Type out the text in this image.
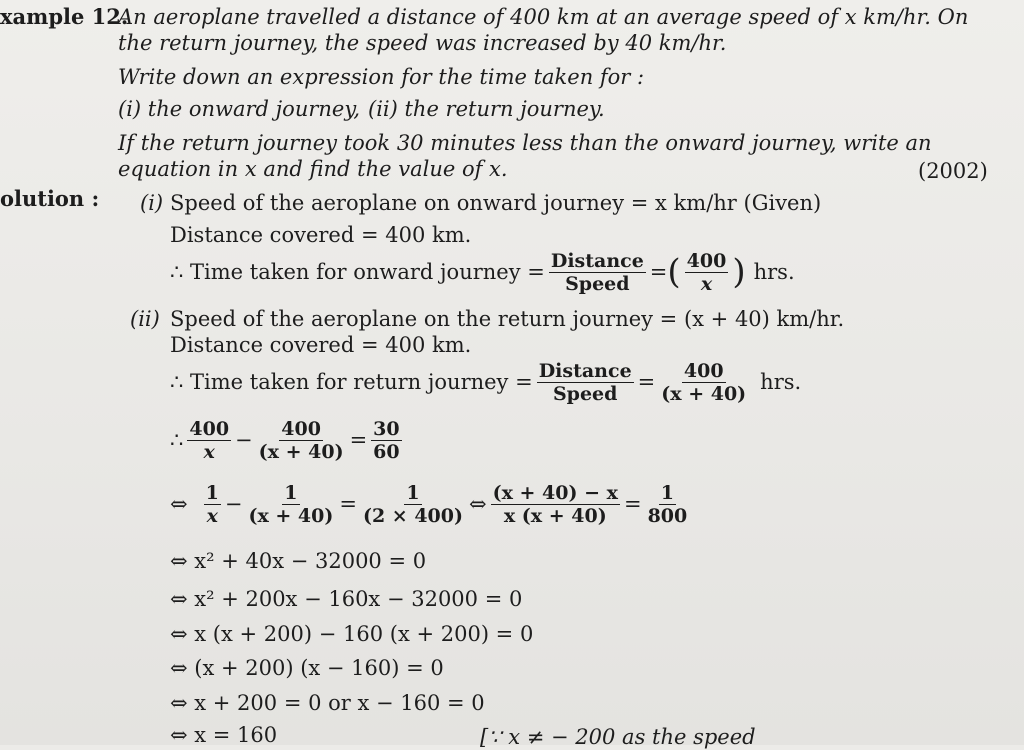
xample 12.
An aeroplane travelled a distance of 400 km at an average speed of x km/hr. On
the return journey, the speed was increased by 40 km/hr.
Write down an expression for the time taken for :
(i) the onward journey, (ii) the return journey.
If the return journey took 30 minutes less than the onward journey, write an
equation in x and find the value of x.	(2002)
olution : (i) Speed of the aeroplane on onward journey = x km/hr (Given)
Distance covered = 400 km.
∴ Time taken for onward journey = $\frac{\text{Distance}}{\text{Speed}}$ = ( $\frac{400}{x}$ ) hrs.
(ii) Speed of the aeroplane on the return journey = (x + 40) km/hr.
Distance covered = 400 km.
∴ Time taken for return journey = $\frac{\text{Distance}}{\text{Speed}} = \frac{400}{(x + 40)}$ hrs.
∴ $\frac{400}{x} - \frac{400}{(x + 40)} = \frac{30}{60}$
⇔ $\frac{1}{x} - \frac{1}{(x + 40)} = \frac{1}{(2 \times 400)}$ ⇔ $\frac{(x + 40) - x}{x (x + 40)} = \frac{1}{800}$
⇔ x² + 40x − 32000 = 0
⇔ x² + 200x − 160x − 32000 = 0
⇔ x (x + 200) − 160 (x + 200) = 0
⇔ (x + 200) (x − 160) = 0
⇔ x + 200 = 0 or x − 160 = 0
⇔ x = 160	[∵ x ≠ − 200 as the speed
